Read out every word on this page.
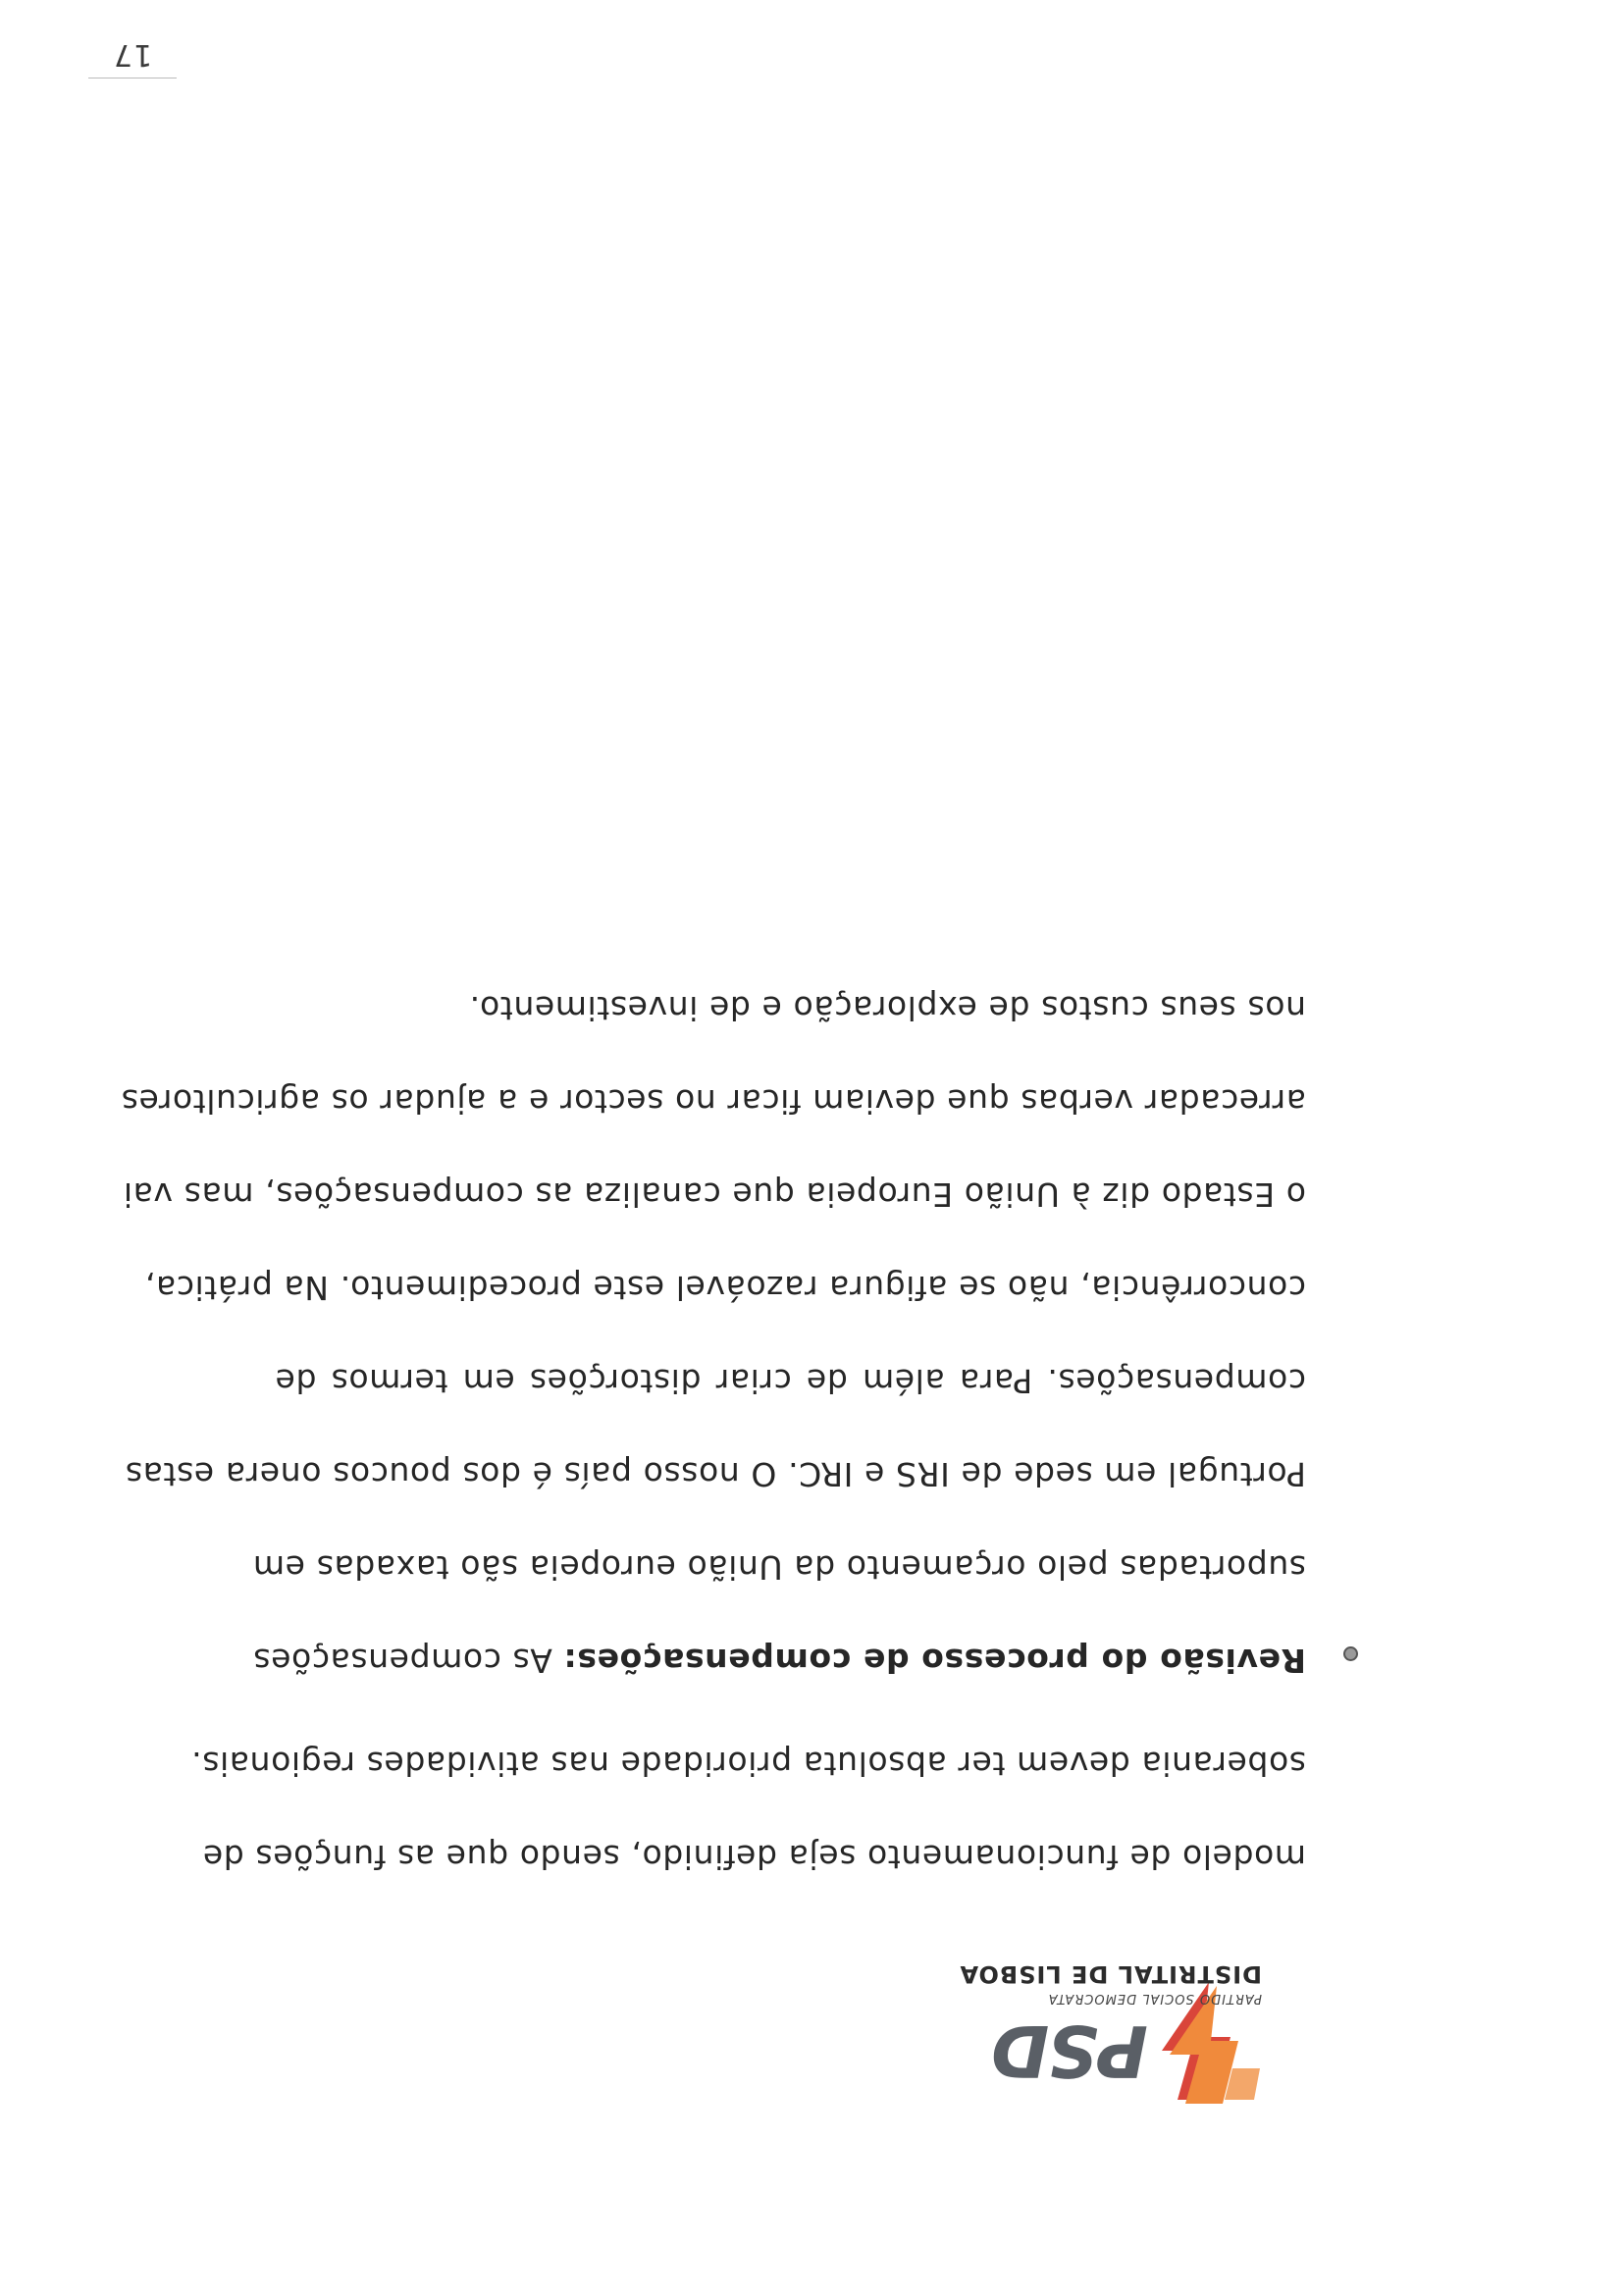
PSD
PARTIDO SOCIAL DEMOCRATA
DISTRITAL DE LISBOA
modelo de funcionamento seja definido, sendo que as funções de
soberania devem ter absoluta prioridade nas atividades regionais.
Revisão do processo de compensações: As compensações
suportadas pelo orçamento da União europeia são taxadas em
Portugal em sede de IRS e IRC. O nosso país é dos poucos onera estas
compensações. Para além de criar distorções em termos de
concorrência, não se afigura razoável este procedimento. Na prática,
o Estado diz à União Europeia que canaliza as compensações, mas vai
arrecadar verbas que deviam ficar no sector e a ajudar os agricultores
nos seus custos de exploração e de investimento.
17
